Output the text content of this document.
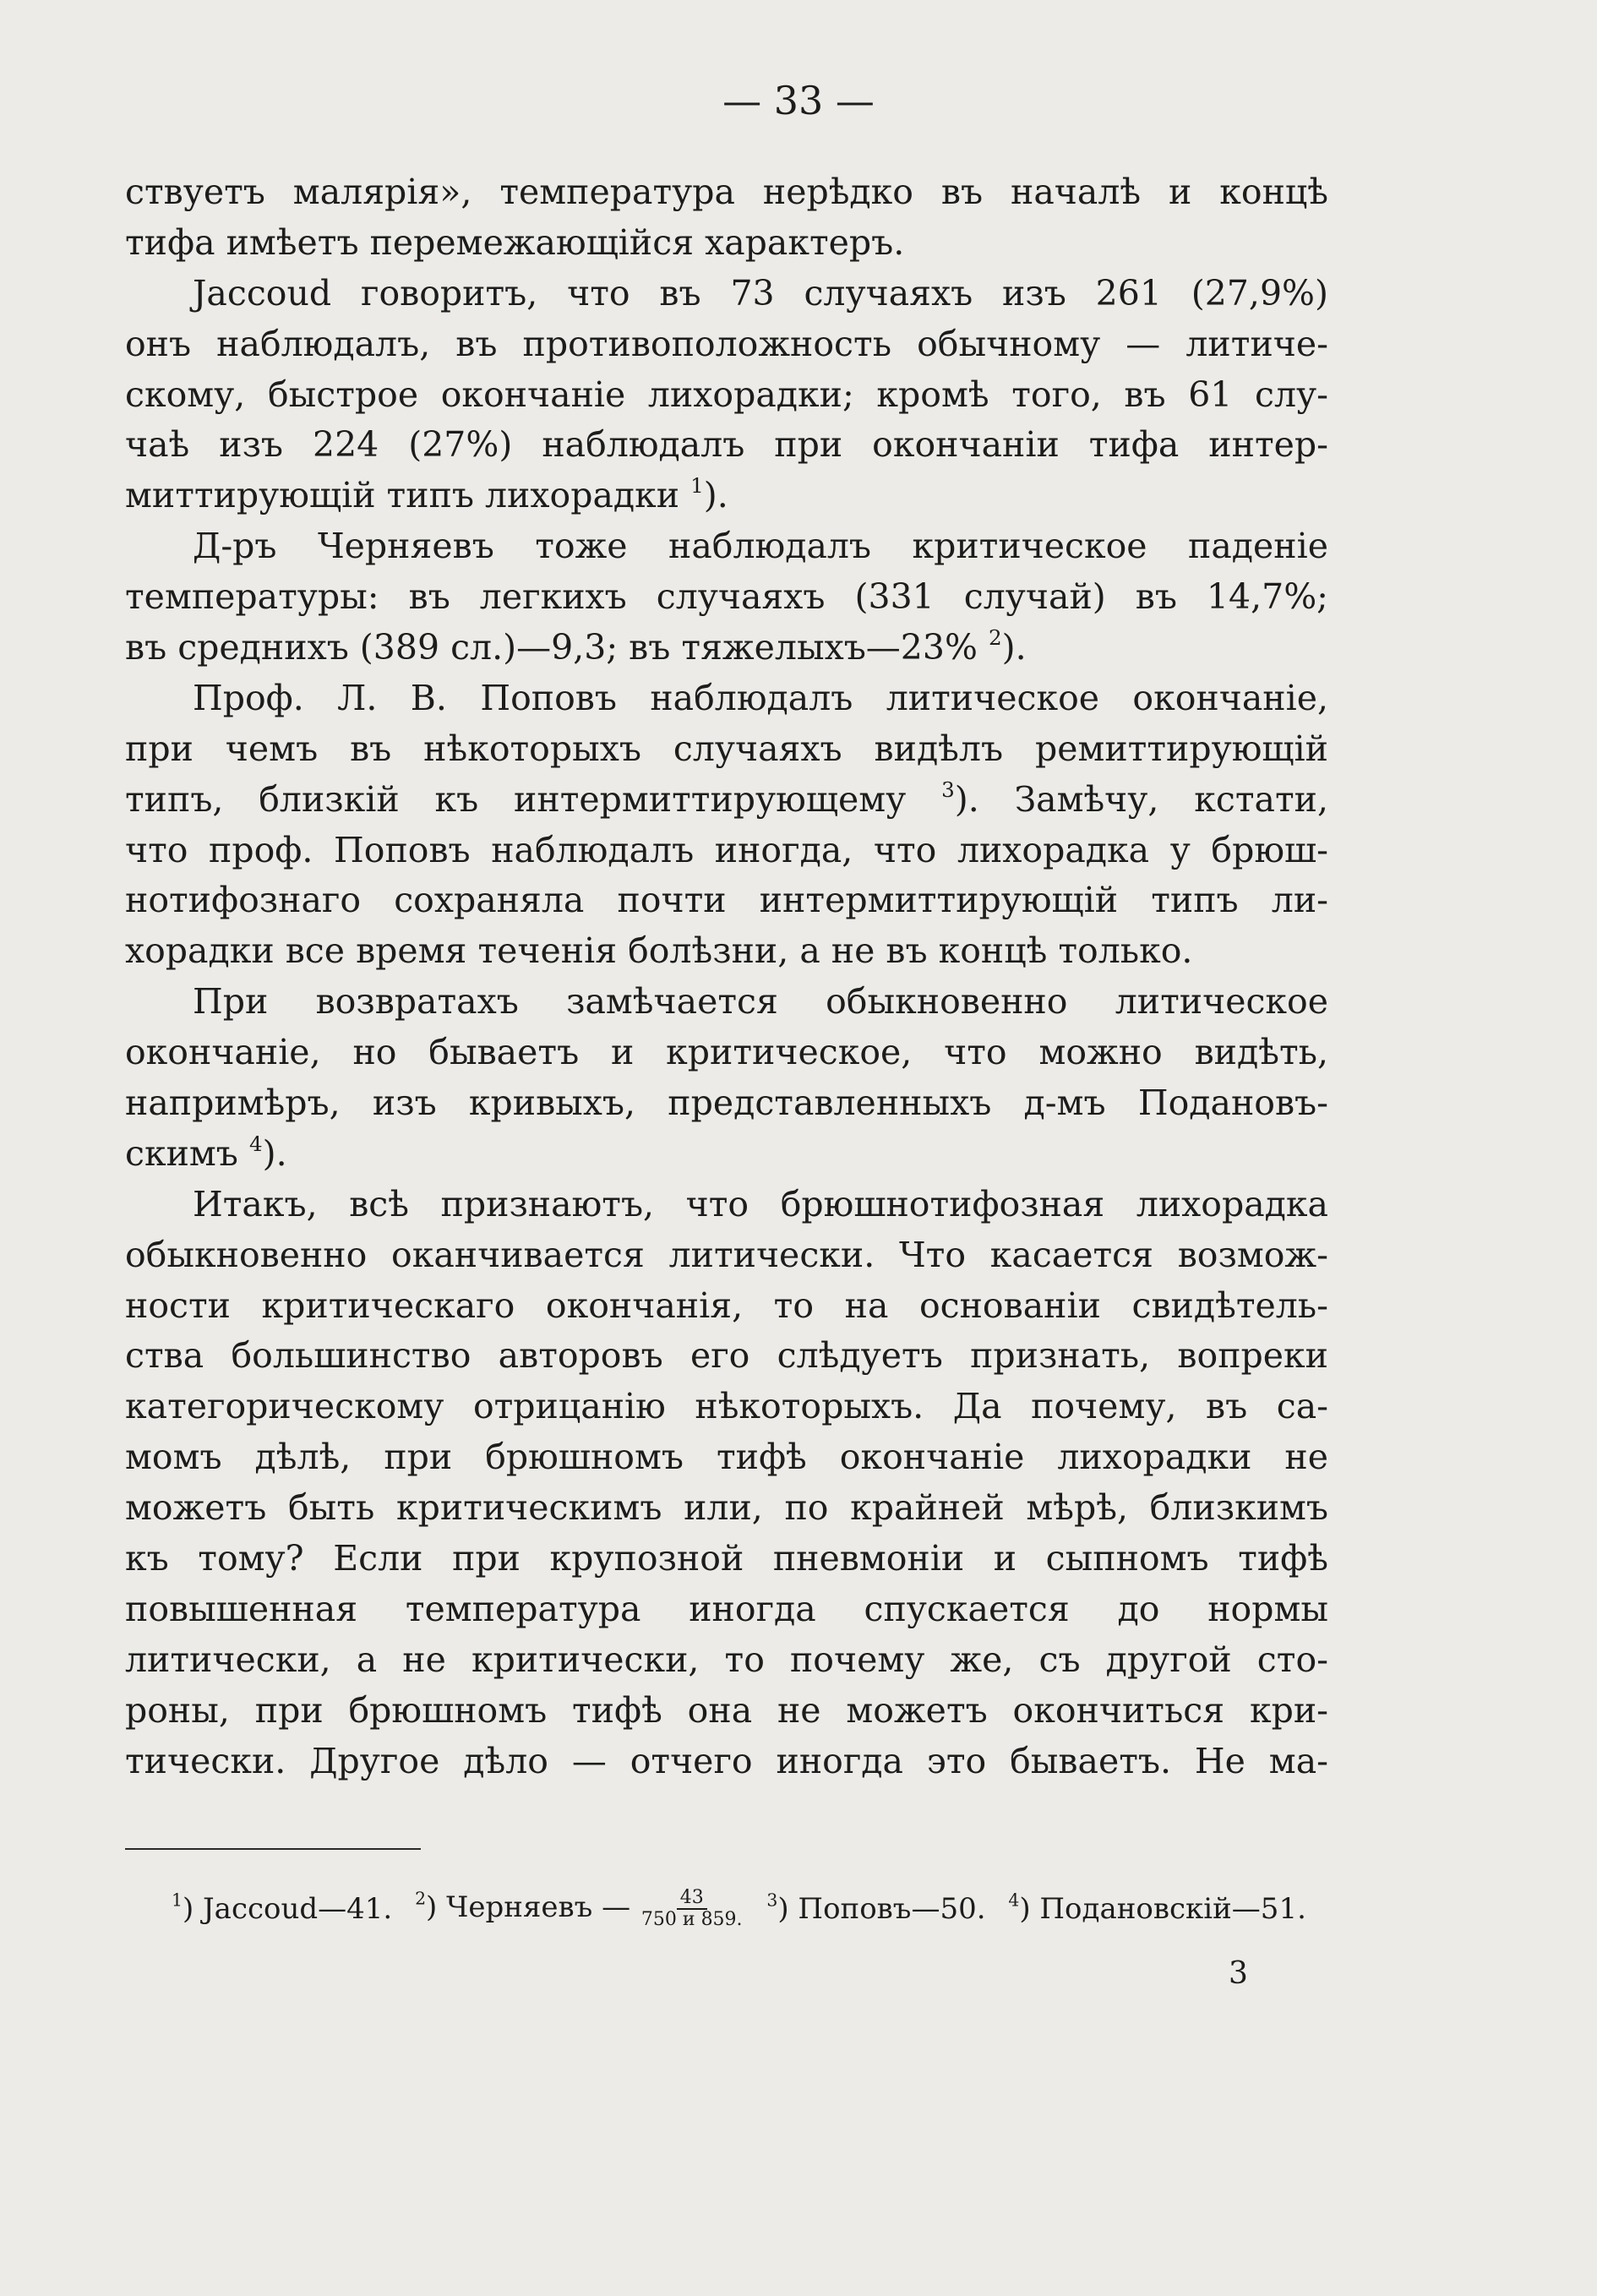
— 33 —
ствуетъ малярія», температура нерѣдко въ началѣ и концѣ
тифа имѣетъ перемежающійся характеръ.
Jaccoud говоритъ, что въ 73 случаяхъ изъ 261 (27,9%)
онъ наблюдалъ, въ противоположность обычному — литиче-
скому, быстрое окончаніе лихорадки; кромѣ того, въ 61 слу-
чаѣ изъ 224 (27%) наблюдалъ при окончаніи тифа интер-
миттирующій типъ лихорадки $^1$).
Д-ръ Черняевъ тоже наблюдалъ критическое паденіе
температуры: въ легкихъ случаяхъ (331 случай) въ 14,7%;
въ среднихъ (389 сл.)—9,3; въ тяжелыхъ—23% $^2$).
Проф. Л. В. Поповъ наблюдалъ литическое окончаніе,
при чемъ въ нѣкоторыхъ случаяхъ видѣлъ ремиттирующій
типъ, близкій къ интермиттирующему $^3$). Замѣчу, кстати,
что проф. Поповъ наблюдалъ иногда, что лихорадка у брюш-
нотифознаго сохраняла почти интермиттирующій типъ ли-
хорадки все время теченія болѣзни, а не въ концѣ только.
При возвратахъ замѣчается обыкновенно литическое
окончаніе, но бываетъ и критическое, что можно видѣть,
напримѣръ, изъ кривыхъ, представленныхъ д-мъ Подановъ-
скимъ $^4$).
Итакъ, всѣ признаютъ, что брюшнотифозная лихорадка
обыкновенно оканчивается литически. Что касается возмож-
ности критическаго окончанія, то на основаніи свидѣтель-
ства большинство авторовъ его слѣдуетъ признать, вопреки
категорическому отрицанію нѣкоторыхъ. Да почему, въ са-
момъ дѣлѣ, при брюшномъ тифѣ окончаніе лихорадки не
можетъ быть критическимъ или, по крайней мѣрѣ, близкимъ
къ тому? Если при крупозной пневмоніи и сыпномъ тифѣ
повышенная температура иногда спускается до нормы
литически, а не критически, то почему же, съ другой сто-
роны, при брюшномъ тифѣ она не можетъ окончиться кри-
тически. Другое дѣло — отчего иногда это бываетъ. Не ма-
$^1$) Jaccoud—41. $^2$) Черняевъ — $\frac{43}{750 и 859.} ^3$) Поповъ—50. $^4$) Подановскій—51.
3
